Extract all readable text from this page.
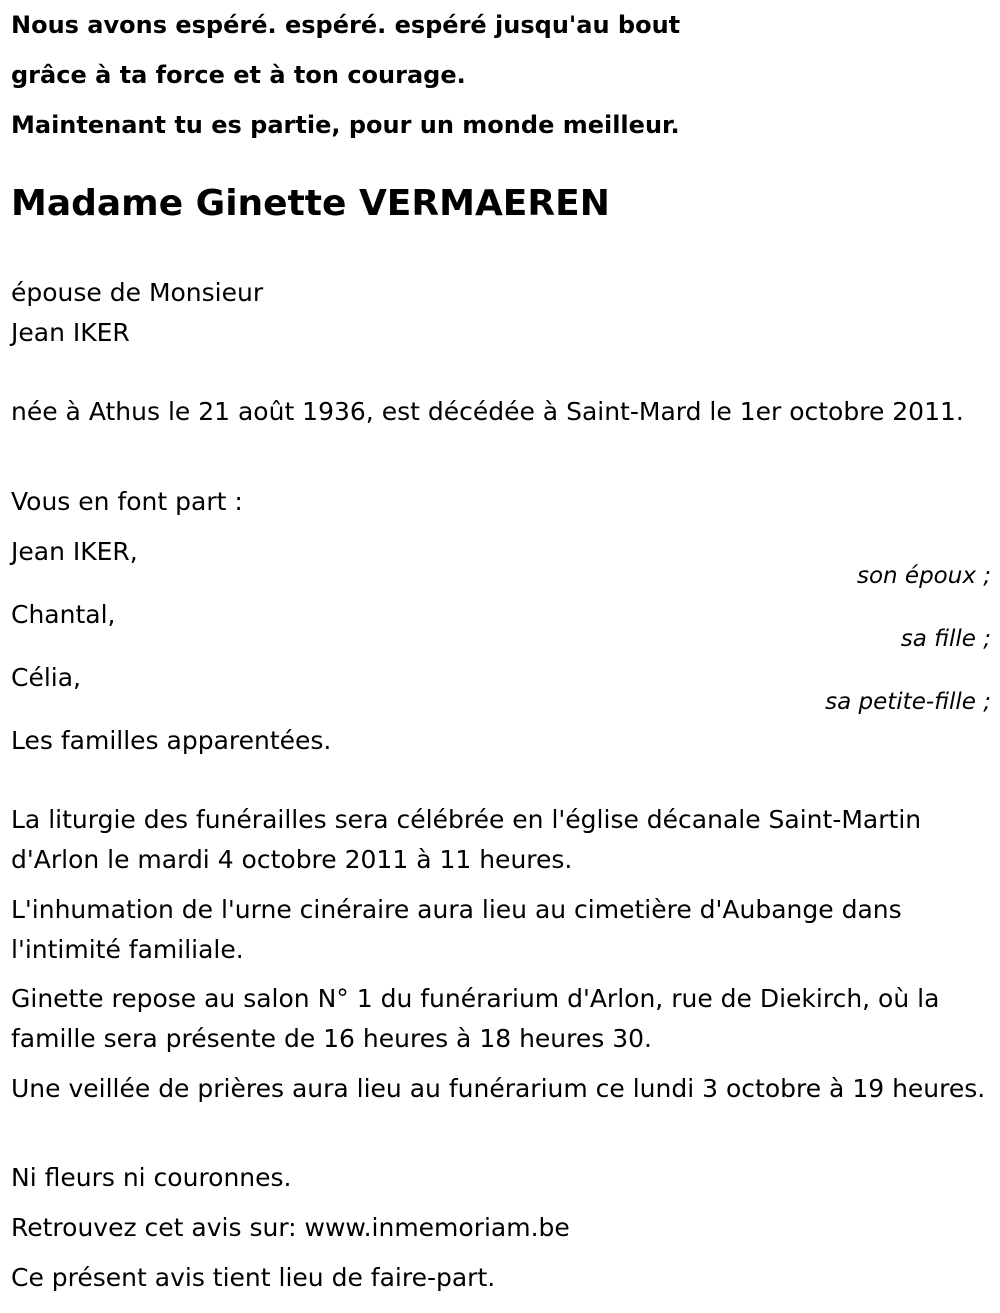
Nous avons espéré. espéré. espéré jusqu'au bout
grâce à ta force et à ton courage.
Maintenant tu es partie, pour un monde meilleur.
Madame Ginette VERMAEREN
épouse de Monsieur
Jean IKER
née à Athus le 21 août 1936, est décédée à Saint-Mard le 1er octobre 2011.
Vous en font part :
Jean IKER,
son époux ;
Chantal,
sa fille ;
Célia,
sa petite-fille ;
Les familles apparentées.
La liturgie des funérailles sera célébrée en l'église décanale Saint-Martin d'Arlon le mardi 4 octobre 2011 à 11 heures.
L'inhumation de l'urne cinéraire aura lieu au cimetière d'Aubange dans l'intimité familiale.
Ginette repose au salon N° 1 du funérarium d'Arlon, rue de Diekirch, où la famille sera présente de 16 heures à 18 heures 30.
Une veillée de prières aura lieu au funérarium ce lundi 3 octobre à 19 heures.
Ni fleurs ni couronnes.
Retrouvez cet avis sur: www.inmemoriam.be
Ce présent avis tient lieu de faire-part.
